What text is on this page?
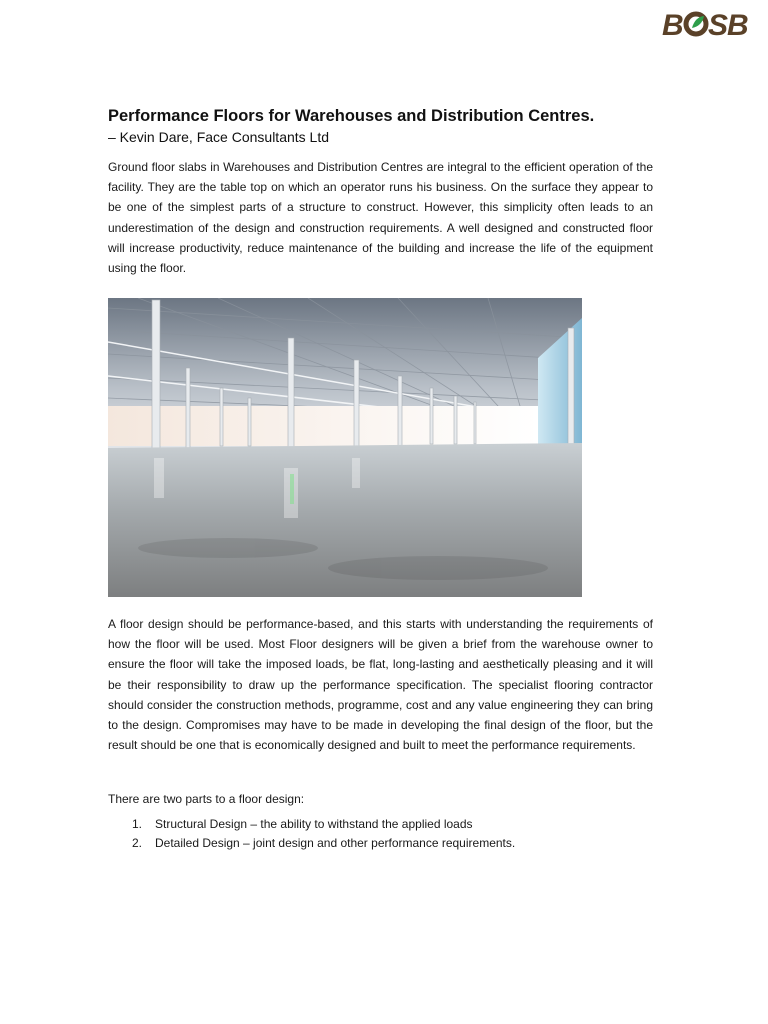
B SB
Performance Floors for Warehouses and Distribution Centres.
– Kevin Dare, Face Consultants Ltd

Ground floor slabs in Warehouses and Distribution Centres are integral to the efficient operation of the facility. They are the table top on which an operator runs his business. On the surface they appear to be one of the simplest parts of a structure to construct. However, this simplicity often leads to an underestimation of the design and construction requirements. A well designed and constructed floor will increase productivity, reduce maintenance of the building and increase the life of the equipment using the floor.

A floor design should be performance-based, and this starts with understanding the requirements of how the floor will be used. Most Floor designers will be given a brief from the warehouse owner to ensure the floor will take the imposed loads, be flat, long-lasting and aesthetically pleasing and it will be their responsibility to draw up the performance specification. The specialist flooring contractor should consider the construction methods, programme, cost and any value engineering they can bring to the design. Compromises may have to be made in developing the final design of the floor, but the result should be one that is economically designed and built to meet the performance requirements.

There are two parts to a floor design:

1. Structural Design – the ability to withstand the applied loads
2. Detailed Design – joint design and other performance requirements.
